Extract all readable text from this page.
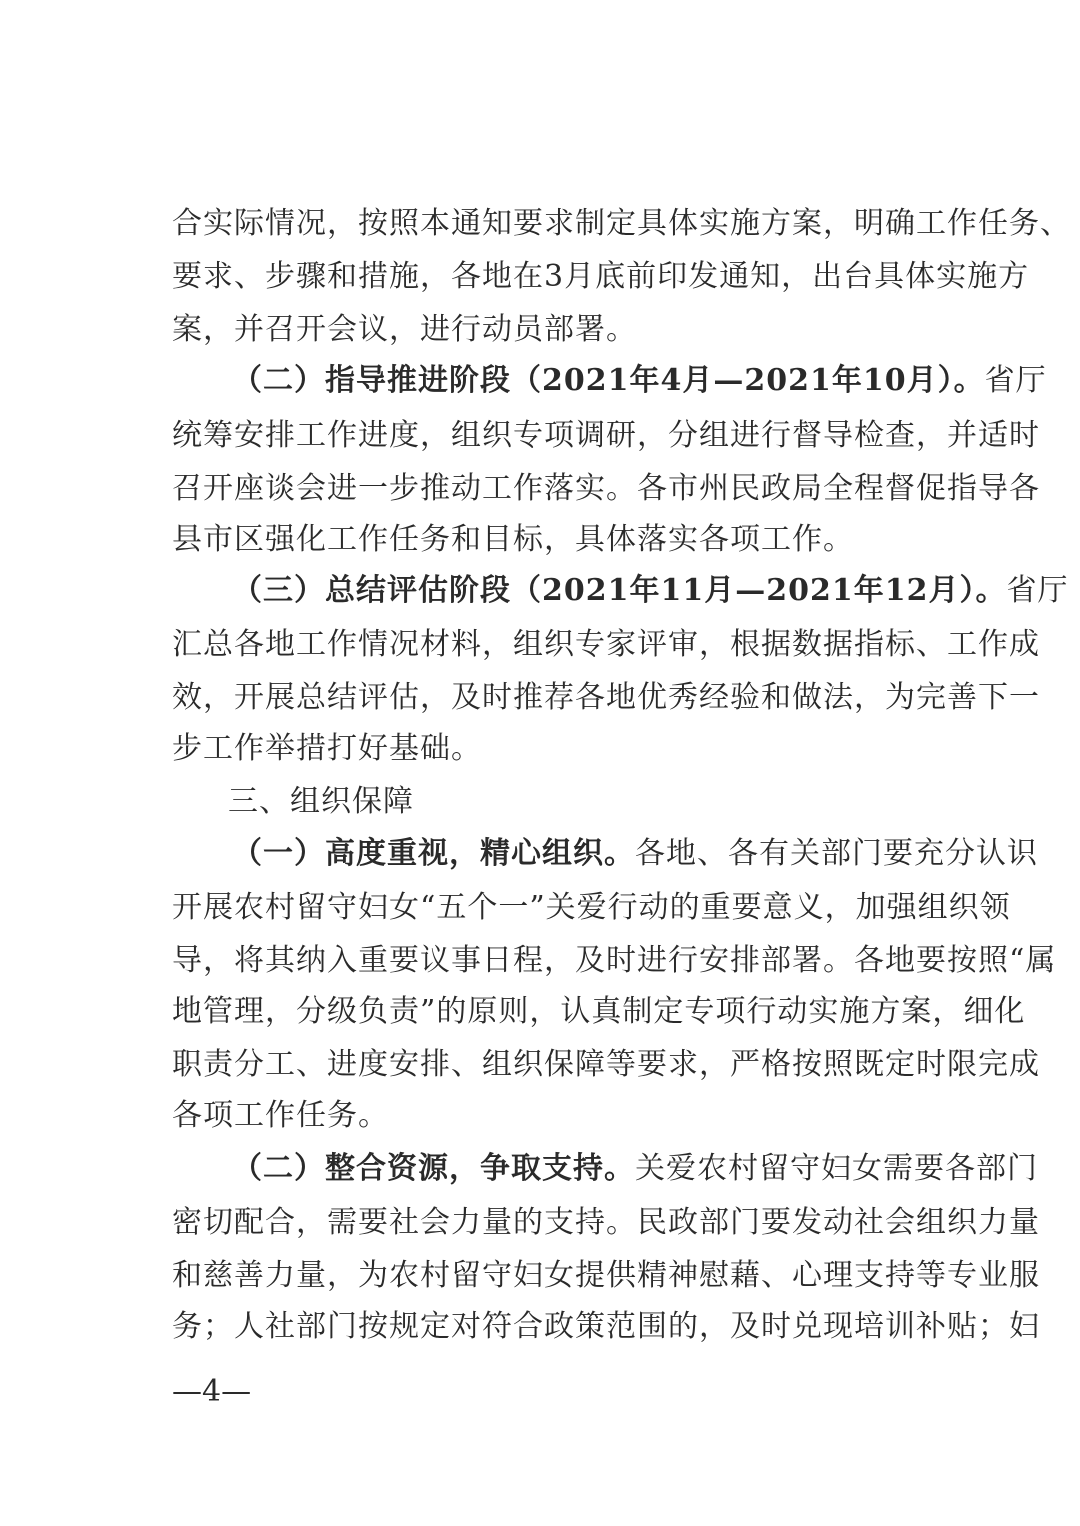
合实际情况，按照本通知要求制定具体实施方案，明确工作任务、
要求、步骤和措施，各地在3月底前印发通知，出台具体实施方
案，并召开会议，进行动员部署。
（二）指导推进阶段（2021年4月—2021年10月）。省厅
统筹安排工作进度，组织专项调研，分组进行督导检查，并适时
召开座谈会进一步推动工作落实。各市州民政局全程督促指导各
县市区强化工作任务和目标，具体落实各项工作。
（三）总结评估阶段（2021年11月—2021年12月）。省厅
汇总各地工作情况材料，组织专家评审，根据数据指标、工作成
效，开展总结评估，及时推荐各地优秀经验和做法，为完善下一
步工作举措打好基础。
三、组织保障
（一）高度重视，精心组织。各地、各有关部门要充分认识
开展农村留守妇女“五个一”关爱行动的重要意义，加强组织领
导，将其纳入重要议事日程，及时进行安排部署。各地要按照“属
地管理，分级负责”的原则，认真制定专项行动实施方案，细化
职责分工、进度安排、组织保障等要求，严格按照既定时限完成
各项工作任务。
（二）整合资源，争取支持。关爱农村留守妇女需要各部门
密切配合，需要社会力量的支持。民政部门要发动社会组织力量
和慈善力量，为农村留守妇女提供精神慰藉、心理支持等专业服
务；人社部门按规定对符合政策范围的，及时兑现培训补贴；妇
—4—
